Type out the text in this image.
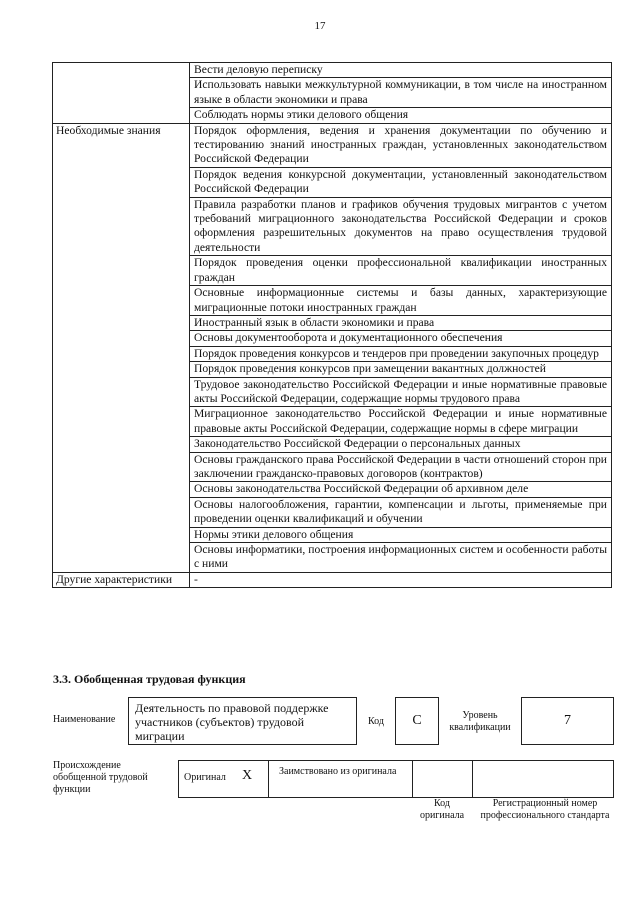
17
	Вести деловую переписку
	Использовать навыки межкультурной коммуникации, в том числе на иностранном языке в области экономики и права
	Соблюдать нормы этики делового общения
Необходимые знания	Порядок оформления, ведения и хранения документации по обучению и тестированию знаний иностранных граждан, установленных законодательством Российской Федерации
	Порядок ведения конкурсной документации, установленный законодательством Российской Федерации
	Правила разработки планов и графиков обучения трудовых мигрантов с учетом требований миграционного законодательства Российской Федерации и сроков оформления разрешительных документов на право осуществления трудовой деятельности
	Порядок проведения оценки профессиональной квалификации иностранных граждан
	Основные информационные системы и базы данных, характеризующие миграционные потоки иностранных граждан
	Иностранный язык в области экономики и права
	Основы документооборота и документационного обеспечения
	Порядок проведения конкурсов и тендеров при проведении закупочных процедур
	Порядок проведения конкурсов при замещении вакантных должностей
	Трудовое законодательство Российской Федерации и иные нормативные правовые акты Российской Федерации, содержащие нормы трудового права
	Миграционное законодательство Российской Федерации и иные нормативные правовые акты Российской Федерации, содержащие нормы в сфере миграции
	Законодательство Российской Федерации о персональных данных
	Основы гражданского права Российской Федерации в части отношений сторон при заключении гражданско-правовых договоров (контрактов)
	Основы законодательства Российской Федерации об архивном деле
	Основы налогообложения, гарантии, компенсации и льготы, применяемые при проведении оценки квалификаций и обучении
	Нормы этики делового общения
	Основы информатики, построения информационных систем и особенности работы с ними
Другие характеристики	-
3.3. Обобщенная трудовая функция
Наименование
Деятельность по правовой поддержке участников (субъектов) трудовой миграции
Код	C	Уровень квалификации	7
Происхождение обобщенной трудовой функции
Оригинал X	Заимствовано из оригинала
Код оригинала
Регистрационный номер профессионального стандарта
